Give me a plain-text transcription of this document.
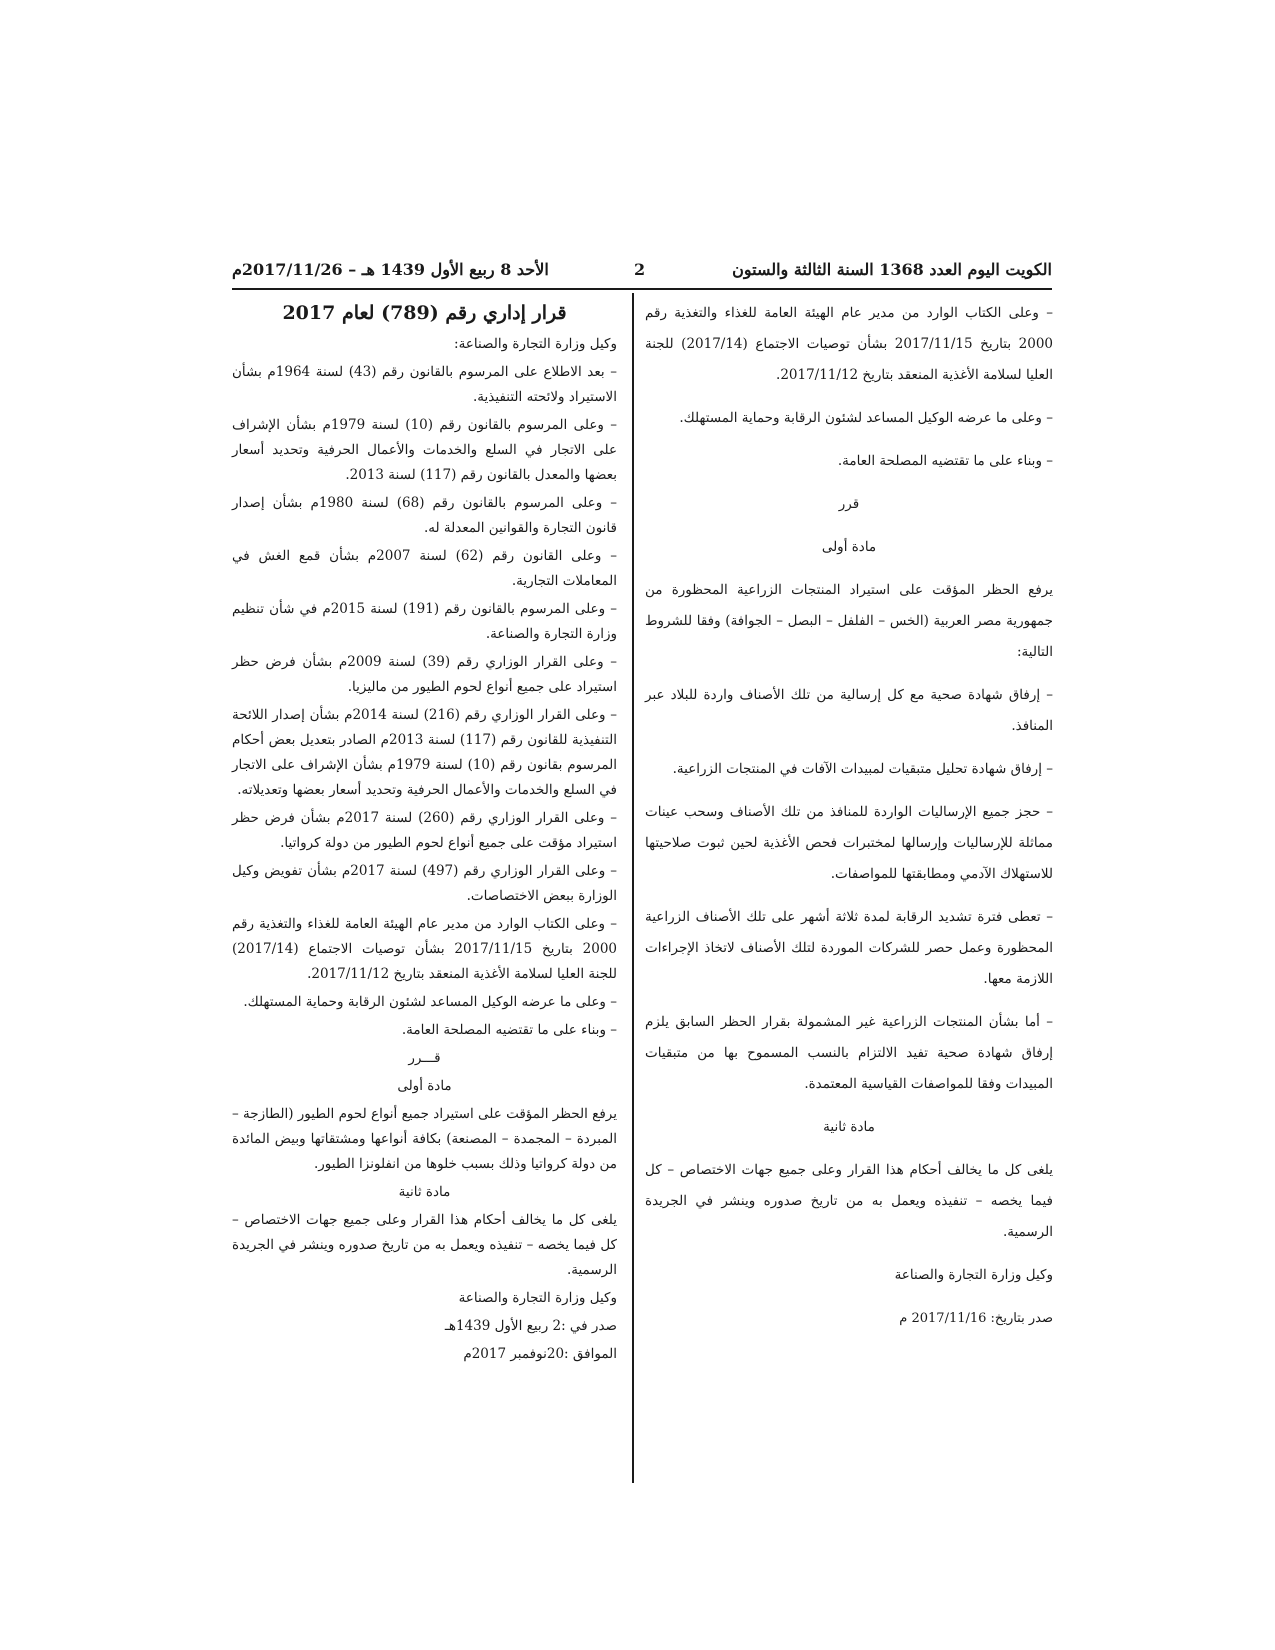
الكويت اليوم العدد 1368 السنة الثالثة والستون
2
الأحد 8 ربيع الأول 1439 هـ – 2017/11/26م

– وعلى الكتاب الوارد من مدير عام الهيئة العامة للغذاء والتغذية رقم 2000 بتاريخ 2017/11/15 بشأن توصيات الاجتماع (2017/14) للجنة العليا لسلامة الأغذية المنعقد بتاريخ 2017/11/12.

– وعلى ما عرضه الوكيل المساعد لشئون الرقابة وحماية المستهلك.

– وبناء على ما تقتضيه المصلحة العامة.

قرر

مادة أولى

يرفع الحظر المؤقت على استيراد المنتجات الزراعية المحظورة من جمهورية مصر العربية (الخس – الفلفل – البصل – الجوافة) وفقا للشروط التالية:

– إرفاق شهادة صحية مع كل إرسالية من تلك الأصناف واردة للبلاد عبر المنافذ.

– إرفاق شهادة تحليل متبقيات لمبيدات الآفات في المنتجات الزراعية.

– حجز جميع الإرساليات الواردة للمنافذ من تلك الأصناف وسحب عينات مماثلة للإرساليات وإرسالها لمختبرات فحص الأغذية لحين ثبوت صلاحيتها للاستهلاك الآدمي ومطابقتها للمواصفات.

– تعطى فترة تشديد الرقابة لمدة ثلاثة أشهر على تلك الأصناف الزراعية المحظورة وعمل حصر للشركات الموردة لتلك الأصناف لاتخاذ الإجراءات اللازمة معها.

– أما بشأن المنتجات الزراعية غير المشمولة بقرار الحظر السابق يلزم إرفاق شهادة صحية تفيد الالتزام بالنسب المسموح بها من متبقيات المبيدات وفقا للمواصفات القياسية المعتمدة.

مادة ثانية

يلغى كل ما يخالف أحكام هذا القرار وعلى جميع جهات الاختصاص – كل فيما يخصه – تنفيذه ويعمل به من تاريخ صدوره وينشر في الجريدة الرسمية.

وكيل وزارة التجارة والصناعة

صدر بتاريخ: 2017/11/16 م

قرار إداري رقم (789) لعام 2017

وكيل وزارة التجارة والصناعة:

– بعد الاطلاع على المرسوم بالقانون رقم (43) لسنة 1964م بشأن الاستيراد ولائحته التنفيذية.

– وعلى المرسوم بالقانون رقم (10) لسنة 1979م بشأن الإشراف على الاتجار في السلع والخدمات والأعمال الحرفية وتحديد أسعار بعضها والمعدل بالقانون رقم (117) لسنة 2013.

– وعلى المرسوم بالقانون رقم (68) لسنة 1980م بشأن إصدار قانون التجارة والقوانين المعدلة له.

– وعلى القانون رقم (62) لسنة 2007م بشأن قمع الغش في المعاملات التجارية.

– وعلى المرسوم بالقانون رقم (191) لسنة 2015م في شأن تنظيم وزارة التجارة والصناعة.

– وعلى القرار الوزاري رقم (39) لسنة 2009م بشأن فرض حظر استيراد على جميع أنواع لحوم الطيور من ماليزيا.

– وعلى القرار الوزاري رقم (216) لسنة 2014م بشأن إصدار اللائحة التنفيذية للقانون رقم (117) لسنة 2013م الصادر بتعديل بعض أحكام المرسوم بقانون رقم (10) لسنة 1979م بشأن الإشراف على الاتجار في السلع والخدمات والأعمال الحرفية وتحديد أسعار بعضها وتعديلاته.

– وعلى القرار الوزاري رقم (260) لسنة 2017م بشأن فرض حظر استيراد مؤقت على جميع أنواع لحوم الطيور من دولة كرواتيا.

– وعلى القرار الوزاري رقم (497) لسنة 2017م بشأن تفويض وكيل الوزارة ببعض الاختصاصات.

– وعلى الكتاب الوارد من مدير عام الهيئة العامة للغذاء والتغذية رقم 2000 بتاريخ 2017/11/15 بشأن توصيات الاجتماع (2017/14) للجنة العليا لسلامة الأغذية المنعقد بتاريخ 2017/11/12.

– وعلى ما عرضه الوكيل المساعد لشئون الرقابة وحماية المستهلك.

– وبناء على ما تقتضيه المصلحة العامة.

قـــرر

مادة أولى

يرفع الحظر المؤقت على استيراد جميع أنواع لحوم الطيور (الطازجة – المبردة – المجمدة – المصنعة) بكافة أنواعها ومشتقاتها وبيض المائدة من دولة كرواتيا وذلك بسبب خلوها من انفلونزا الطيور.

مادة ثانية

يلغى كل ما يخالف أحكام هذا القرار وعلى جميع جهات الاختصاص – كل فيما يخصه – تنفيذه ويعمل به من تاريخ صدوره وينشر في الجريدة الرسمية.

وكيل وزارة التجارة والصناعة

صدر في :2 ربيع الأول 1439هـ

الموافق :20نوفمبر 2017م
